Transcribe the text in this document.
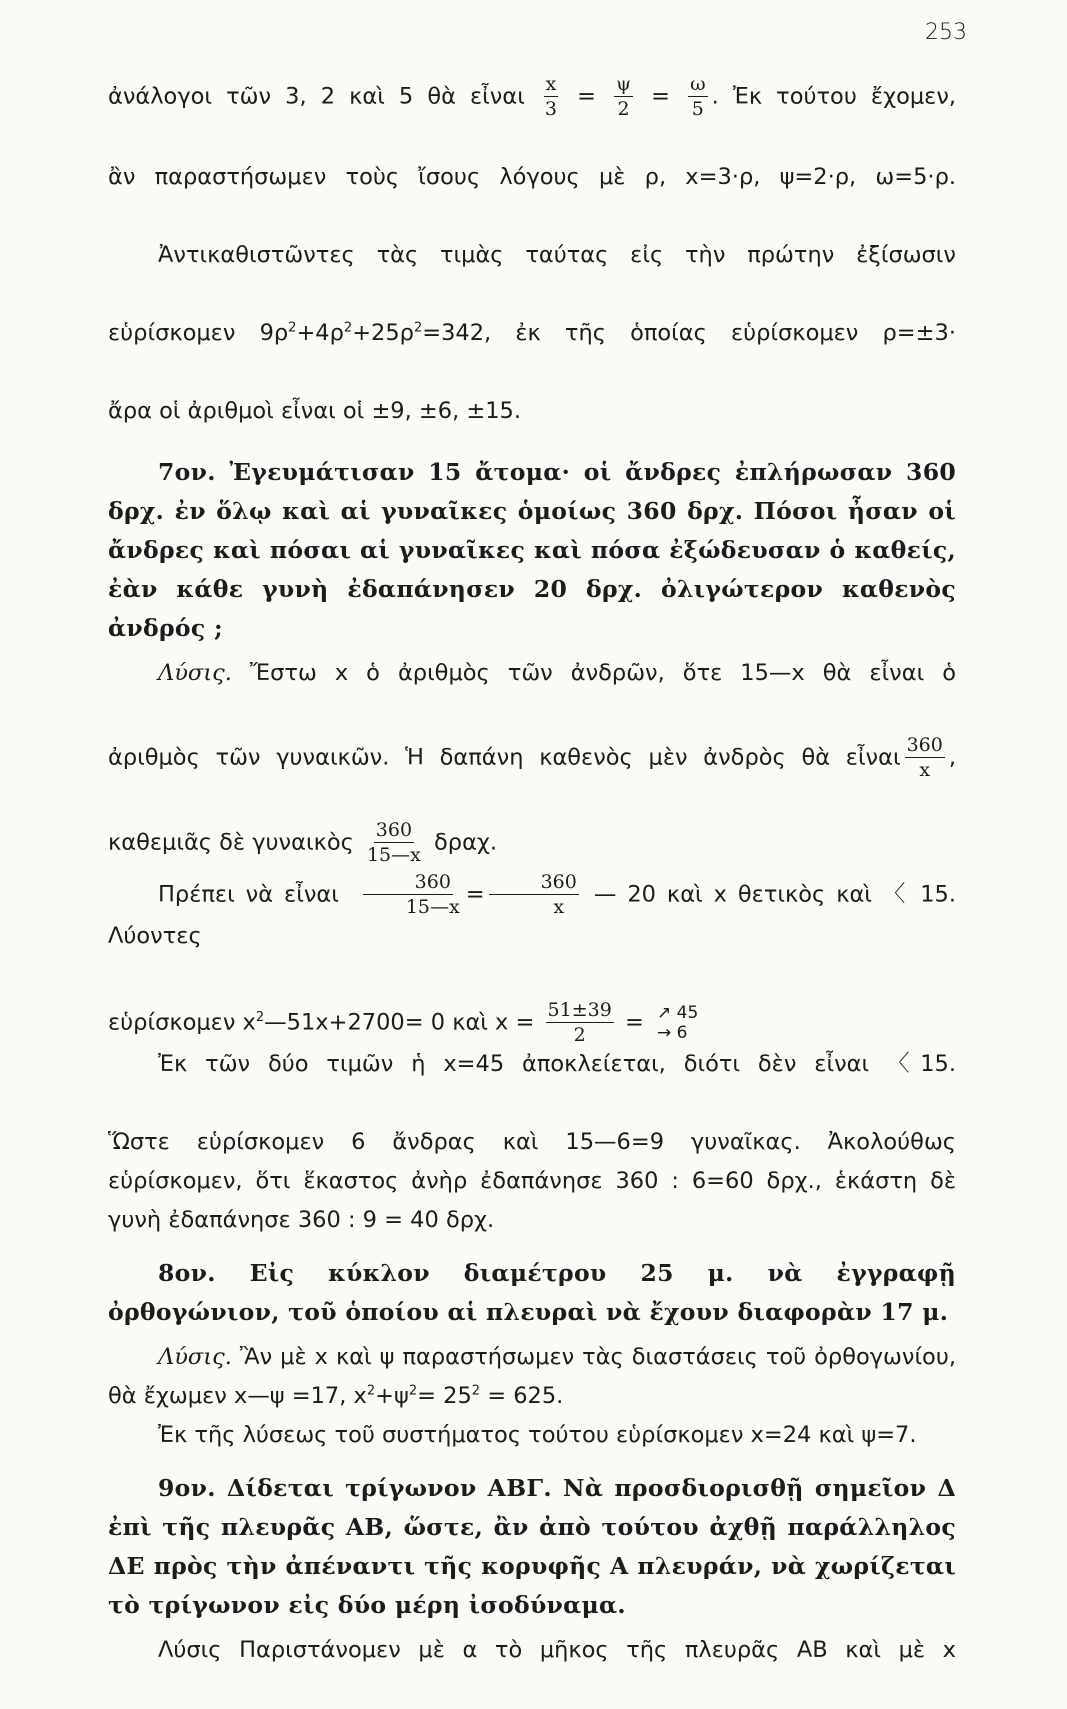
253

ἀνάλογοι τῶν 3, 2 καὶ 5 θὰ εἶναι $\frac{x}{3} = \frac{\psi}{2} = \frac{\omega}{5}$ . Ἐκ τούτου ἔχομεν,

ἂν παραστήσωμεν τοὺς ἴσους λόγους μὲ ρ, x=3·ρ, ψ=2·ρ, ω=5·ρ.

Ἀντικαθιστῶντες τὰς τιμὰς ταύτας εἰς τὴν πρώτην ἐξίσωσιν

εὑρίσκομεν $9\rho^2+4\rho^2+25\rho^2=342$, ἐκ τῆς ὁποίας εὑρίσκομεν ρ=±3·

ἄρα οἱ ἀριθμοὶ εἶναι οἱ ±9, ±6, ±15.

7ον. Ἐγευμάτισαν 15 ἄτομα· οἱ ἄνδρες ἐπλήρωσαν 360 δρχ. ἐν ὅλῳ καὶ αἱ γυναῖκες ὁμοίως 360 δρχ. Πόσοι ἦσαν οἱ ἄνδρες καὶ πόσαι αἱ γυναῖκες καὶ πόσα ἐξώδευσαν ὁ καθείς, ἐὰν κάθε γυνὴ ἐδαπάνησεν 20 δρχ. ὀλιγώτερον καθενὸς ἀνδρός ;

Λύσις. Ἔστω x ὁ ἀριθμὸς τῶν ἀνδρῶν, ὅτε 15—x θὰ εἶναι ὁ

ἀριθμὸς τῶν γυναικῶν. Ἡ δαπάνη καθενὸς μὲν ἀνδρὸς θὰ εἶναι $\frac{360}{x}$ ,

καθεμιᾶς δὲ γυναικὸς $\frac{360}{15—x} \delta\rho\alpha\chi$.

Πρέπει νὰ εἶναι $\frac{360}{15—x} = \frac{360}{x}$ — 20 καὶ x θετικὸς καὶ 〈 15. Λύοντες

εὑρίσκομεν $x^2—51x+2700= 0$ καὶ $x = \frac{51\pm 39}{2}$ = ↗ 45
→ 6

Ἐκ τῶν δύο τιμῶν ἡ x=45 ἀποκλείεται, διότι δὲν εἶναι 〈15.

Ὥστε εὑρίσκομεν 6 ἄνδρας καὶ 15—6=9 γυναῖκας. Ἀκολούθως εὑρίσκομεν, ὅτι ἕκαστος ἀνὴρ ἐδαπάνησε 360 : 6=60 δρχ., ἑκάστη δὲ γυνὴ ἐδαπάνησε 360 : 9 = 40 δρχ.

8ον. Εἰς κύκλον διαμέτρου 25 μ. νὰ ἐγγραφῇ ὀρθογώνιον, τοῦ ὁποίου αἱ πλευραὶ νὰ ἔχουν διαφορὰν 17 μ.

Λύσις. Ἂν μὲ x καὶ ψ παραστήσωμεν τὰς διαστάσεις τοῦ ὀρθογωνίου, θὰ ἔχωμεν x—ψ =17, $x^2+\psi^2= 25^2 = 625$.

Ἐκ τῆς λύσεως τοῦ συστήματος τούτου εὑρίσκομεν x=24 καὶ ψ=7.

9ον. Δίδεται τρίγωνον ΑΒΓ. Νὰ προσδιορισθῇ σημεῖον Δ ἐπὶ τῆς πλευρᾶς ΑΒ, ὥστε, ἂν ἀπὸ τούτου ἀχθῇ παράλληλος ΔΕ πρὸς τὴν ἀπέναντι τῆς κορυφῆς Α πλευράν, νὰ χωρίζεται τὸ τρίγωνον εἰς δύο μέρη ἰσοδύναμα.

Λύσις Παριστάνομεν μὲ α τὸ μῆκος τῆς πλευρᾶς ΑΒ καὶ μὲ x
